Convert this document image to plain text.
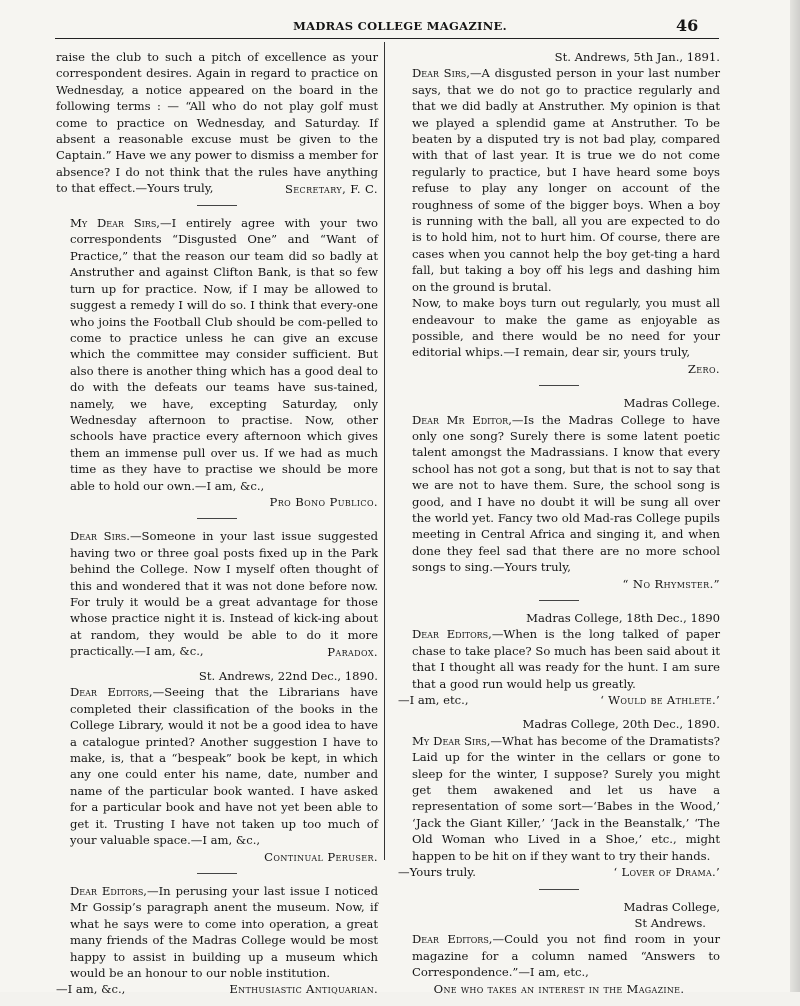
MADRAS COLLEGE MAGAZINE.	46

raise the club to such a pitch of excellence as your correspondent desires. Again in regard to practice on Wednesday, a notice appeared on the board in the following terms : — “All who do not play golf must come to practice on Wednesday, and Saturday. If absent a reasonable excuse must be given to the Captain.” Have we any power to dismiss a member for absence? I do not think that the rules have anything to that effect.—Yours truly,	Secretary, F. C.

My Dear Sirs,—I entirely agree with your two correspondents “Disgusted One” and “Want of Practice,” that the reason our team did so badly at Anstruther and against Clifton Bank, is that so few turn up for practice. Now, if I may be allowed to suggest a remedy I will do so. I think that every-one who joins the Football Club should be com-pelled to come to practice unless he can give an excuse which the committee may consider sufficient. But also there is another thing which has a good deal to do with the defeats our teams have sus-tained, namely, we have, excepting Saturday, only Wednesday afternoon to practise. Now, other schools have practice every afternoon which gives them an immense pull over us. If we had as much time as they have to practise we should be more able to hold our own.—I am, &c.,

Pro Bono Publico.

Dear Sirs.—Someone in your last issue suggested having two or three goal posts fixed up in the Park behind the College. Now I myself often thought of this and wondered that it was not done before now. For truly it would be a great advantage for those whose practice night it is. Instead of kick-ing about at random, they would be able to do it more practically.—I am, &c.,	Paradox.

St. Andrews, 22nd Dec., 1890.

Dear Editors,—Seeing that the Librarians have completed their classification of the books in the College Library, would it not be a good idea to have a catalogue printed? Another suggestion I have to make, is, that a “bespeak” book be kept, in which any one could enter his name, date, number and name of the particular book wanted. I have asked for a particular book and have not yet been able to get it. Trusting I have not taken up too much of your valuable space.—I am, &c.,

Continual Peruser.

Dear Editors,—In perusing your last issue I noticed Mr Gossip’s paragraph anent the museum. Now, if what he says were to come into operation, a great many friends of the Madras College would be most happy to assist in building up a museum which would be an honour to our noble institution.

—I am, &c.,	Enthusiastic Antiquarian.

St. Andrews, 5th Jan., 1891.

Dear Sirs,—A disgusted person in your last number says, that we do not go to practice regularly and that we did badly at Anstruther. My opinion is that we played a splendid game at Anstruther. To be beaten by a disputed try is not bad play, compared with that of last year. It is true we do not come regularly to practice, but I have heard some boys refuse to play any longer on account of the roughness of some of the bigger boys. When a boy is running with the ball, all you are expected to do is to hold him, not to hurt him. Of course, there are cases when you cannot help the boy get-ting a hard fall, but taking a boy off his legs and dashing him on the ground is brutal.

Now, to make boys turn out regularly, you must all endeavour to make the game as enjoyable as possible, and there would be no need for your editorial whips.—I remain, dear sir, yours truly,

Zero.

Madras College.

Dear Mr Editor,—Is the Madras College to have only one song? Surely there is some latent poetic talent amongst the Madrassians. I know that every school has not got a song, but that is not to say that we are not to have them. Sure, the school song is good, and I have no doubt it will be sung all over the world yet. Fancy two old Mad-ras College pupils meeting in Central Africa and singing it, and when done they feel sad that there are no more school songs to sing.—Yours truly,

“ No Rhymster.”

Madras College, 18th Dec., 1890

Dear Editors,—When is the long talked of paper chase to take place? So much has been said about it that I thought all was ready for the hunt. I am sure that a good run would help us greatly.

—I am, etc.,	‘ Would be Athlete.’

Madras College, 20th Dec., 1890.

My Dear Sirs,—What has become of the Dramatists? Laid up for the winter in the cellars or gone to sleep for the winter, I suppose? Surely you might get them awakened and let us have a representation of some sort—‘Babes in the Wood,’ ‘Jack the Giant Killer,’ ‘Jack in the Beanstalk,’ ‘The Old Woman who Lived in a Shoe,’ etc., might happen to be hit on if they want to try their hands.

—Yours truly.	‘ Lover of Drama.’

Madras College,

St Andrews.

Dear Editors,—Could you not find room in your magazine for a column named “Answers to Correspondence.”—I am, etc.,

One who takes an interest in the Magazine.
